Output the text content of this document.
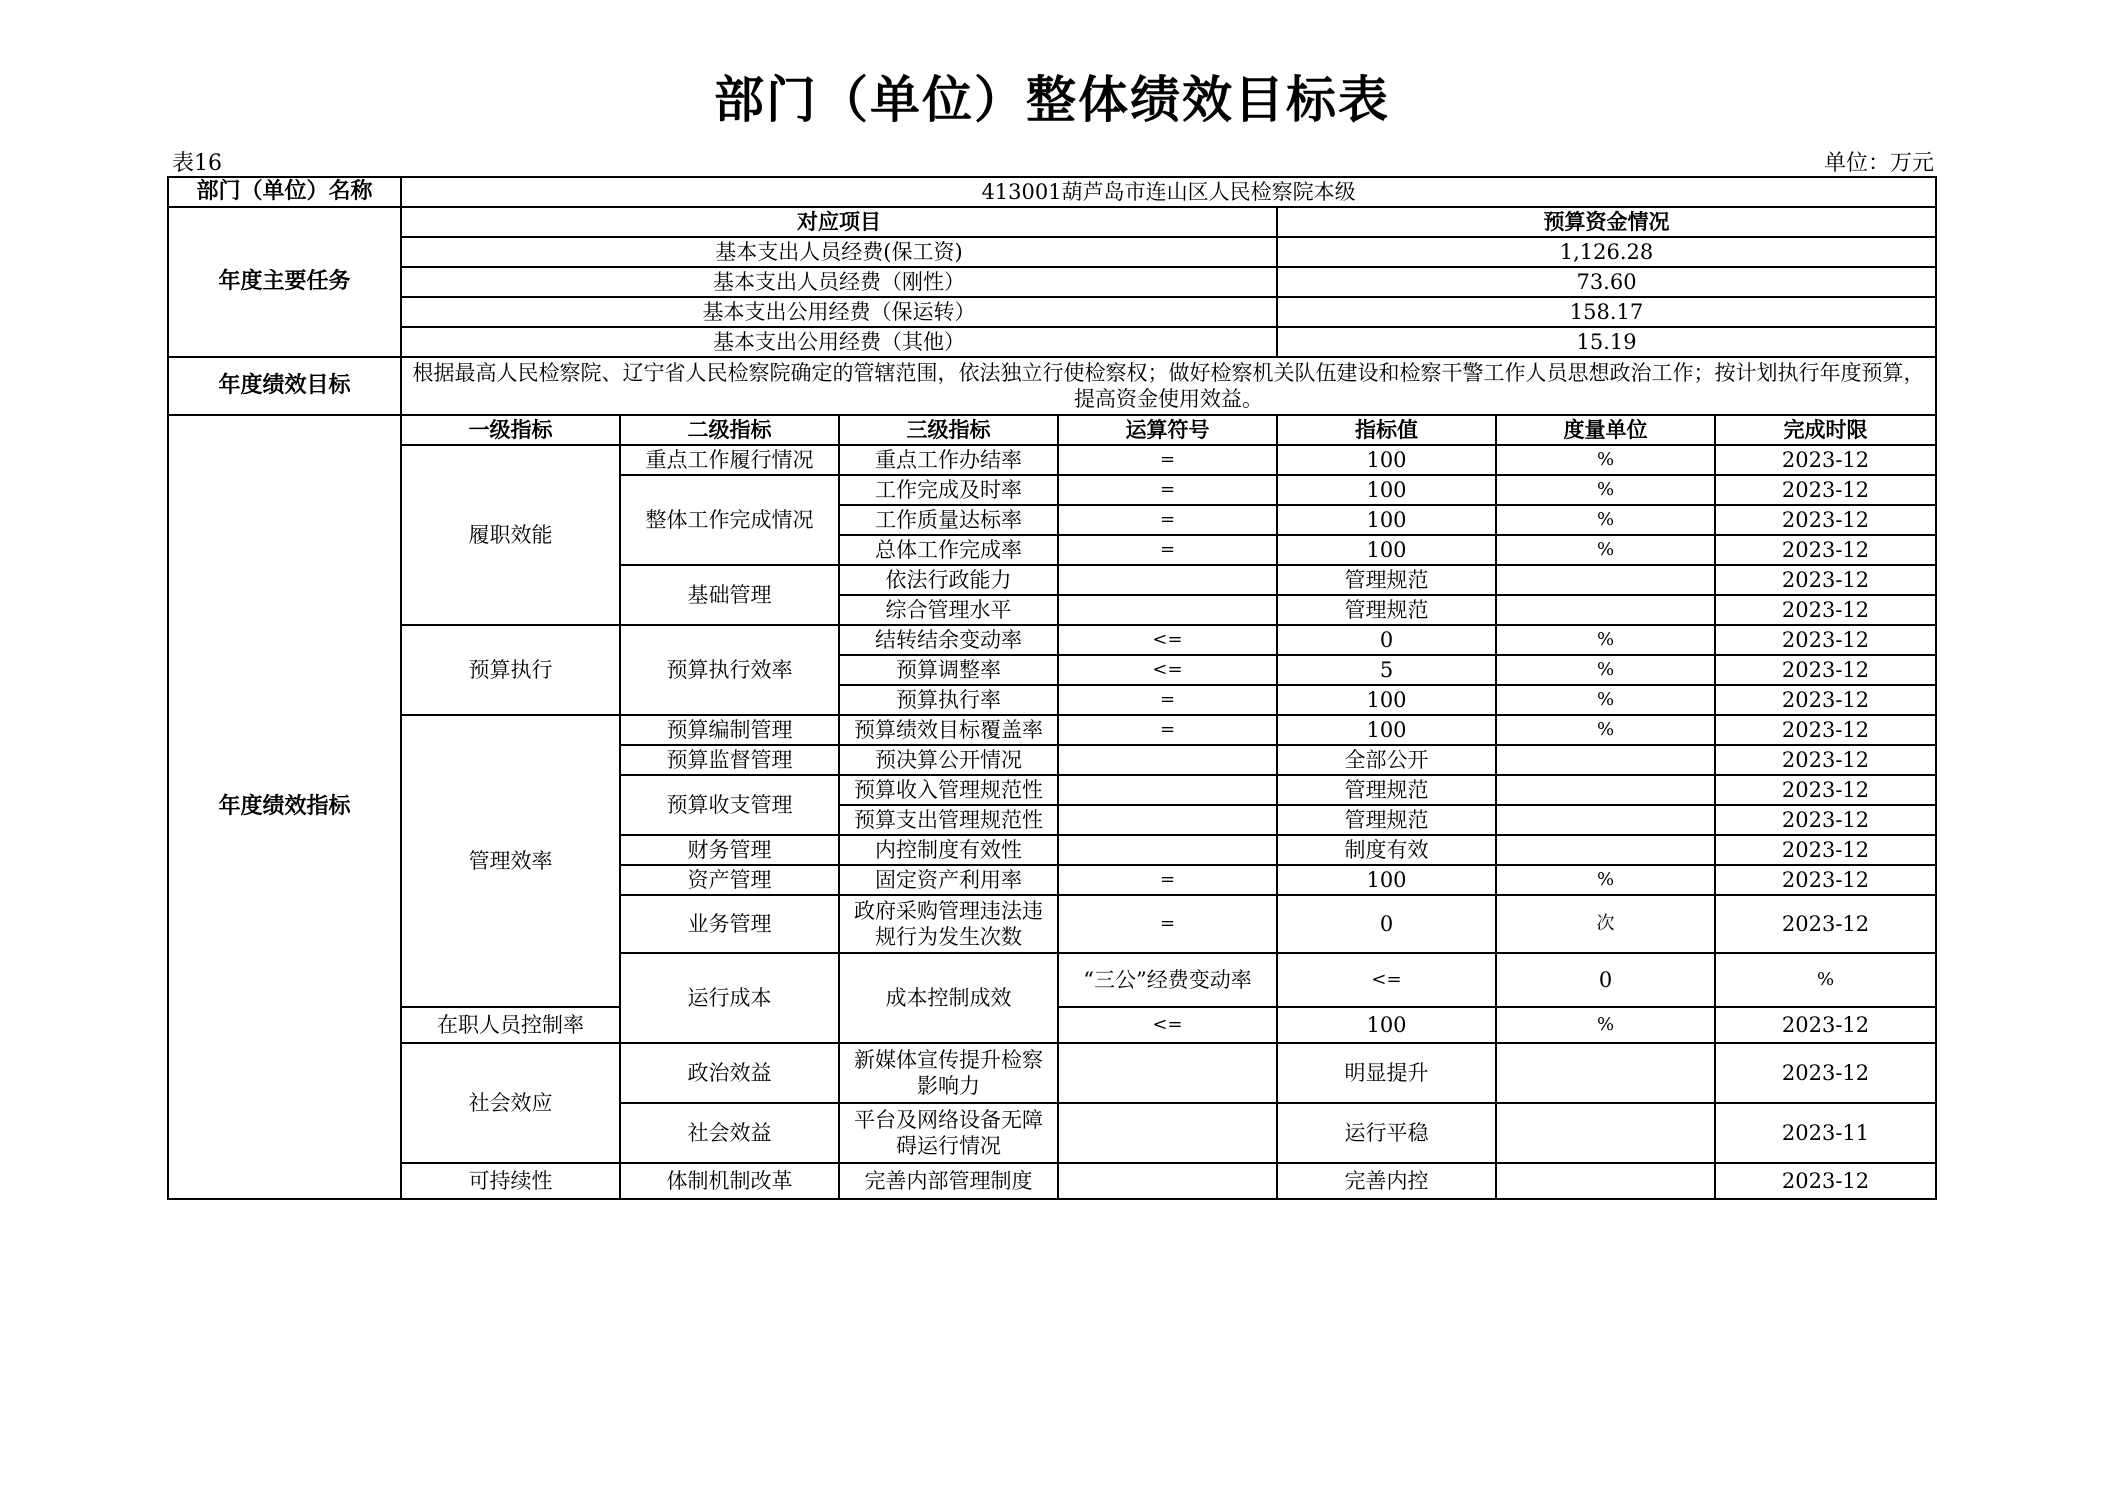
部门（单位）整体绩效目标表
表16	单位：万元
部门（单位）名称	413001葫芦岛市连山区人民检察院本级							
年度主要任务	对应项目				预算资金情况			
	基本支出人员经费(保工资)				1,126.28			
	基本支出人员经费（刚性）				73.60			
	基本支出公用经费（保运转）				158.17			
	基本支出公用经费（其他）				15.19			
年度绩效目标	根据最高人民检察院、辽宁省人民检察院确定的管辖范围，依法独立行使检察权；做好检察机关队伍建设和检察干警工作人员思想政治工作；按计划执行年度预算，提高资金使用效益。							
年度绩效指标	一级指标	二级指标	三级指标	运算符号	指标值	度量单位	完成时限	
	履职效能	重点工作履行情况	重点工作办结率	=	100	%	2023-12	
		整体工作完成情况	工作完成及时率	=	100	%	2023-12	
			工作质量达标率	=	100	%	2023-12	
			总体工作完成率	=	100	%	2023-12	
		基础管理	依法行政能力		管理规范		2023-12	
			综合管理水平		管理规范		2023-12	
	预算执行	预算执行效率	结转结余变动率	<=	0	%	2023-12	
			预算调整率	<=	5	%	2023-12	
			预算执行率	=	100	%	2023-12	
	管理效率	预算编制管理	预算绩效目标覆盖率	=	100	%	2023-12	
		预算监督管理	预决算公开情况		全部公开		2023-12	
		预算收支管理	预算收入管理规范性		管理规范		2023-12	
			预算支出管理规范性		管理规范		2023-12	
		财务管理	内控制度有效性		制度有效		2023-12	
		资产管理	固定资产利用率	=	100	%	2023-12	
		业务管理	政府采购管理违法违规行为发生次数	=	0	次	2023-12	
		运行成本	成本控制成效	“三公”经费变动率	<=	0	%	
	在职人员控制率			<=	100	%	2023-12	
	社会效应	政治效益	新媒体宣传提升检察影响力		明显提升		2023-12	
		社会效益	平台及网络设备无障碍运行情况		运行平稳		2023-11	
	可持续性	体制机制改革	完善内部管理制度		完善内控		2023-12	
